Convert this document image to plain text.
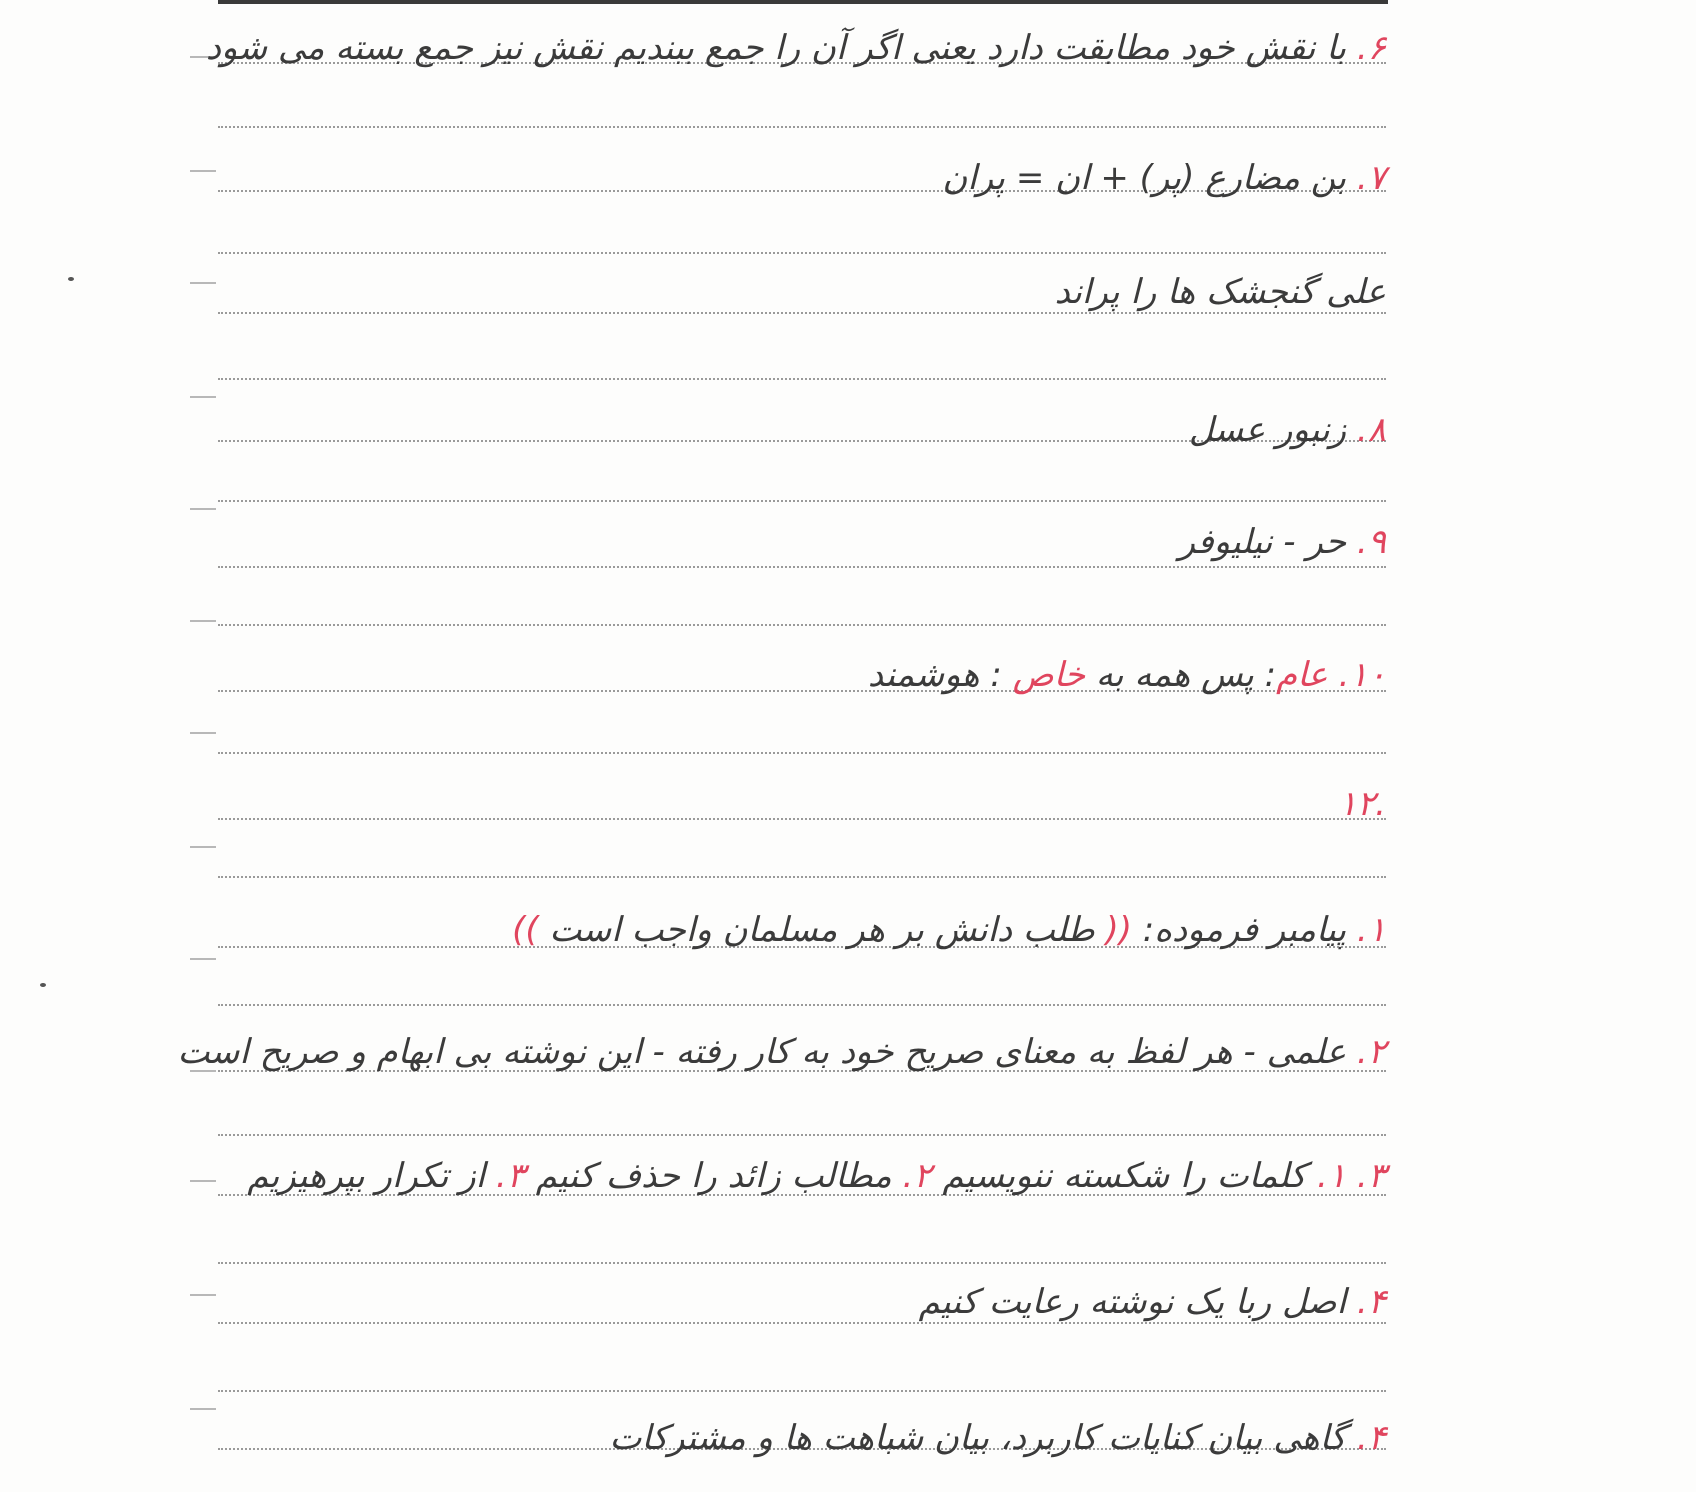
۶. با نقش خود مطابقت دارد یعنی اگر آن را جمع ببندیم نقش نیز جمع بسته می شود
۷. بن مضارع (پر) + ان = پران
علی گنجشک ها را پراند
۸. زنبور عسل
۹. حر - نیلیوفر
۱۰. عام: پس همه به خاص : هوشمند
۱۲.
۱. پیامبر فرموده: (( طلب دانش بر هر مسلمان واجب است ))
۲. علمی - هر لفظ به معنای صریح خود به کار رفته - این نوشته بی ابهام و صریح است
۳. ۱. کلمات را شکسته ننویسیم ۲. مطالب زائد را حذف کنیم ۳. از تکرار بپرهیزیم
۴. اصل ربا یک نوشته رعایت کنیم
۴. گاهی بیان کنایات کاربرد، بیان شباهت ها و مشترکات
